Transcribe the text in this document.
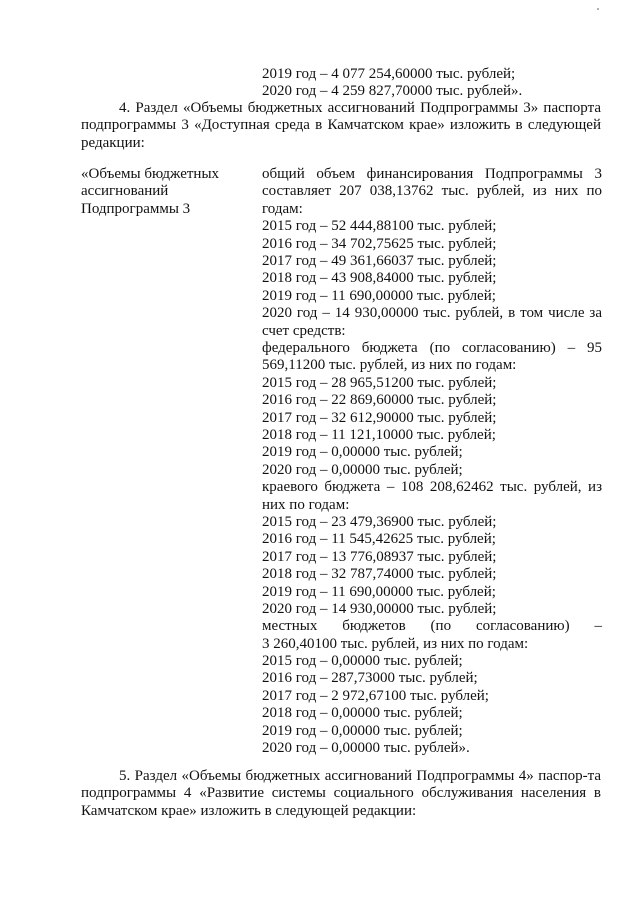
2019 год – 4 077 254,60000 тыс. рублей;
2020 год – 4 259 827,70000 тыс. рублей».
4. Раздел «Объемы бюджетных ассигнований Подпрограммы 3» паспорта подпрограммы 3 «Доступная среда в Камчатском крае» изложить в следующей редакции:
«Объемы бюджетных
ассигнований
Подпрограммы 3
общий объем финансирования Подпрограммы 3 составляет 207 038,13762 тыс. рублей, из них по годам:
2015 год – 52 444,88100 тыс. рублей;
2016 год – 34 702,75625 тыс. рублей;
2017 год – 49 361,66037 тыс. рублей;
2018 год – 43 908,84000 тыс. рублей;
2019 год – 11 690,00000 тыс. рублей;
2020 год – 14 930,00000 тыс. рублей, в том числе за счет средств:
федерального бюджета (по согласованию) – 95 569,11200 тыс. рублей, из них по годам:
2015 год – 28 965,51200 тыс. рублей;
2016 год – 22 869,60000 тыс. рублей;
2017 год – 32 612,90000 тыс. рублей;
2018 год – 11 121,10000 тыс. рублей;
2019 год – 0,00000 тыс. рублей;
2020 год – 0,00000 тыс. рублей;
краевого бюджета – 108 208,62462 тыс. рублей, из них по годам:
2015 год – 23 479,36900 тыс. рублей;
2016 год – 11 545,42625 тыс. рублей;
2017 год – 13 776,08937 тыс. рублей;
2018 год – 32 787,74000 тыс. рублей;
2019 год – 11 690,00000 тыс. рублей;
2020 год – 14 930,00000 тыс. рублей;
местных бюджетов (по согласованию) –
3 260,40100 тыс. рублей, из них по годам:
2015 год – 0,00000 тыс. рублей;
2016 год – 287,73000 тыс. рублей;
2017 год – 2 972,67100 тыс. рублей;
2018 год – 0,00000 тыс. рублей;
2019 год – 0,00000 тыс. рублей;
2020 год – 0,00000 тыс. рублей».
5. Раздел «Объемы бюджетных ассигнований Подпрограммы 4» паспор-та подпрограммы 4 «Развитие системы социального обслуживания населения в Камчатском крае» изложить в следующей редакции:
